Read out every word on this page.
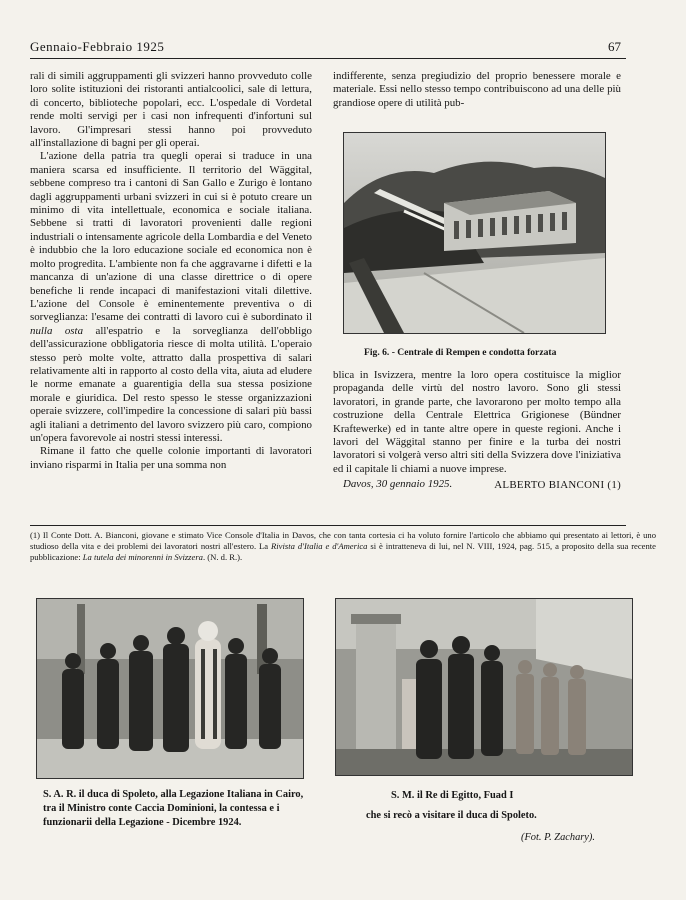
Gennaio-Febbraio 1925	67

rali di simili aggruppamenti gli svizzeri hanno provveduto colle loro solite istituzioni dei ristoranti antialcoolici, sale di lettura, di concerto, biblioteche popolari, ecc. L'ospedale di Vordetal rende molti servigi per i casi non infrequenti d'infortuni sul lavoro. Gl'impresari stessi hanno poi provveduto all'installazione di bagni per gli operai.

L'azione della patria tra quegli operai si traduce in una maniera scarsa ed insufficiente. Il territorio del Wäggital, sebbene compreso tra i cantoni di San Gallo e Zurigo è lontano dagli aggruppamenti urbani svizzeri in cui si è potuto creare un minimo di vita intellettuale, economica e sociale italiana. Sebbene si tratti di lavoratori provenienti dalle regioni industriali o intensamente agricole della Lombardia e del Veneto è indubbio che la loro educazione sociale ed economica non è molto progredita. L'ambiente non fa che aggravarne i difetti e la mancanza di un'azione di una classe direttrice o di opere benefiche li rende incapaci di manifestazioni vitali dilettive. L'azione del Console è eminentemente preventiva o di sorveglianza: l'esame dei contratti di lavoro cui è subordinato il nulla osta all'espatrio e la sorveglianza dell'obbligo dell'assicurazione obbligatoria riesce di molta utilità. L'operaio stesso però molte volte, attratto dalla prospettiva di salari relativamente alti in rapporto al costo della vita, aiuta ad eludere le norme emanate a guarentigia della sua stessa posizione morale e giuridica. Del resto spesso le stesse organizzazioni operaie svizzere, coll'impedire la concessione di salari più bassi agli italiani a detrimento del lavoro svizzero più caro, compiono un'opera favorevole ai nostri stessi interessi.

Rimane il fatto che quelle colonie importanti di lavoratori inviano risparmi in Italia per una somma non

indifferente, senza pregiudizio del proprio benessere morale e materiale. Essi nello stesso tempo contribuiscono ad una delle più grandiose opere di utilità pub-

Fig. 6. - Centrale di Rempen e condotta forzata

blica in Isvizzera, mentre la loro opera costituisce la miglior propaganda delle virtù del nostro lavoro. Sono gli stessi lavoratori, in grande parte, che lavorarono per molto tempo alla costruzione della Centrale Elettrica Grigionese (Bündner Kraftewerke) ed in tante altre opere in queste regioni. Anche i lavori del Wäggital stanno per finire e la turba dei nostri lavoratori si volgerà verso altri siti della Svizzera dove l'iniziativa ed il capitale li chiami a nuove imprese.

Davos, 30 gennaio 1925.	ALBERTO BIANCONI (1)

(1) Il Conte Dott. A. Bianconi, giovane e stimato Vice Console d'Italia in Davos, che con tanta cortesia ci ha voluto fornire l'articolo che abbiamo qui presentato ai lettori, è uno studioso della vita e dei problemi dei lavoratori nostri all'estero. La Rivista d'Italia e d'America si è intratteneva di lui, nel N. VIII, 1924, pag. 515, a proposito della sua recente pubblicazione: La tutela dei minorenni in Svizzera. (N. d. R.).
S. A. R. il duca di Spoleto, alla Legazione Italiana in Cairo, tra il Ministro conte Caccia Dominioni, la contessa e i funzionarii della Legazione - Dicembre 1924.
S. M. il Re di Egitto, Fuad I
che si recò a visitare il duca di Spoleto.
(Fot. P. Zachary).
